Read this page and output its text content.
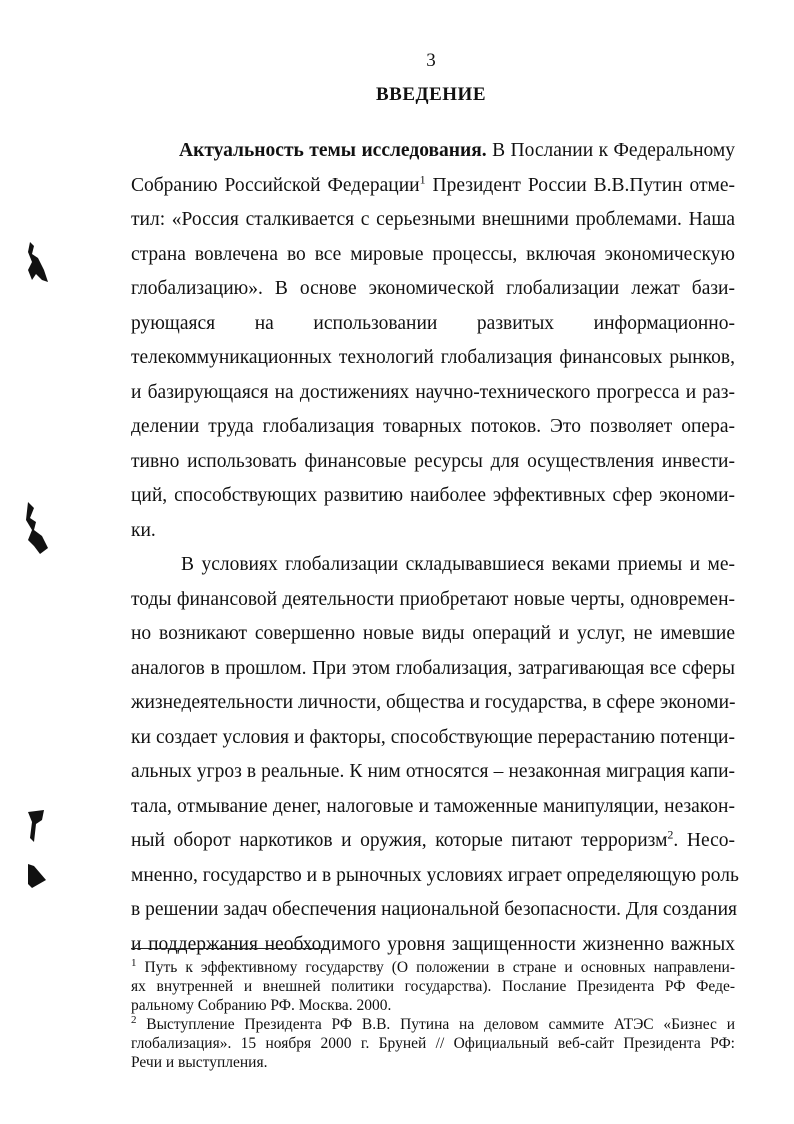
3
ВВЕДЕНИЕ
Актуальность темы исследования. В Послании к Федеральному
Собранию Российской Федерации$^1$ Президент России В.В.Путин отме-
тил: «Россия сталкивается с серьезными внешними проблемами. Наша
страна вовлечена во все мировые процессы, включая экономическую
глобализацию». В основе экономической глобализации лежат бази-
рующаяся на использовании развитых информационно-
телекоммуникационных технологий глобализация финансовых рынков,
и базирующаяся на достижениях научно-технического прогресса и раз-
делении труда глобализация товарных потоков. Это позволяет опера-
тивно использовать финансовые ресурсы для осуществления инвести-
ций, способствующих развитию наиболее эффективных сфер экономи-
ки.
В условиях глобализации складывавшиеся веками приемы и ме-
тоды финансовой деятельности приобретают новые черты, одновремен-
но возникают совершенно новые виды операций и услуг, не имевшие
аналогов в прошлом. При этом глобализация, затрагивающая все сферы
жизнедеятельности личности, общества и государства, в сфере экономи-
ки создает условия и факторы, способствующие перерастанию потенци-
альных угроз в реальные. К ним относятся – незаконная миграция капи-
тала, отмывание денег, налоговые и таможенные манипуляции, незакон-
ный оборот наркотиков и оружия, которые питают терроризм$^2$. Несо-
мненно, государство и в рыночных условиях играет определяющую роль
в решении задач обеспечения национальной безопасности. Для создания
и поддержания необходимого уровня защищенности жизненно важных
$^1$ Путь к эффективному государству (О положении в стране и основных направлени-
ях внутренней и внешней политики государства). Послание Президента РФ Феде-
ральному Собранию РФ. Москва. 2000.
$^2$ Выступление Президента РФ В.В. Путина на деловом саммите АТЭС «Бизнес и
глобализация». 15 ноября 2000 г. Бруней // Официальный веб-сайт Президента РФ:
Речи и выступления.
